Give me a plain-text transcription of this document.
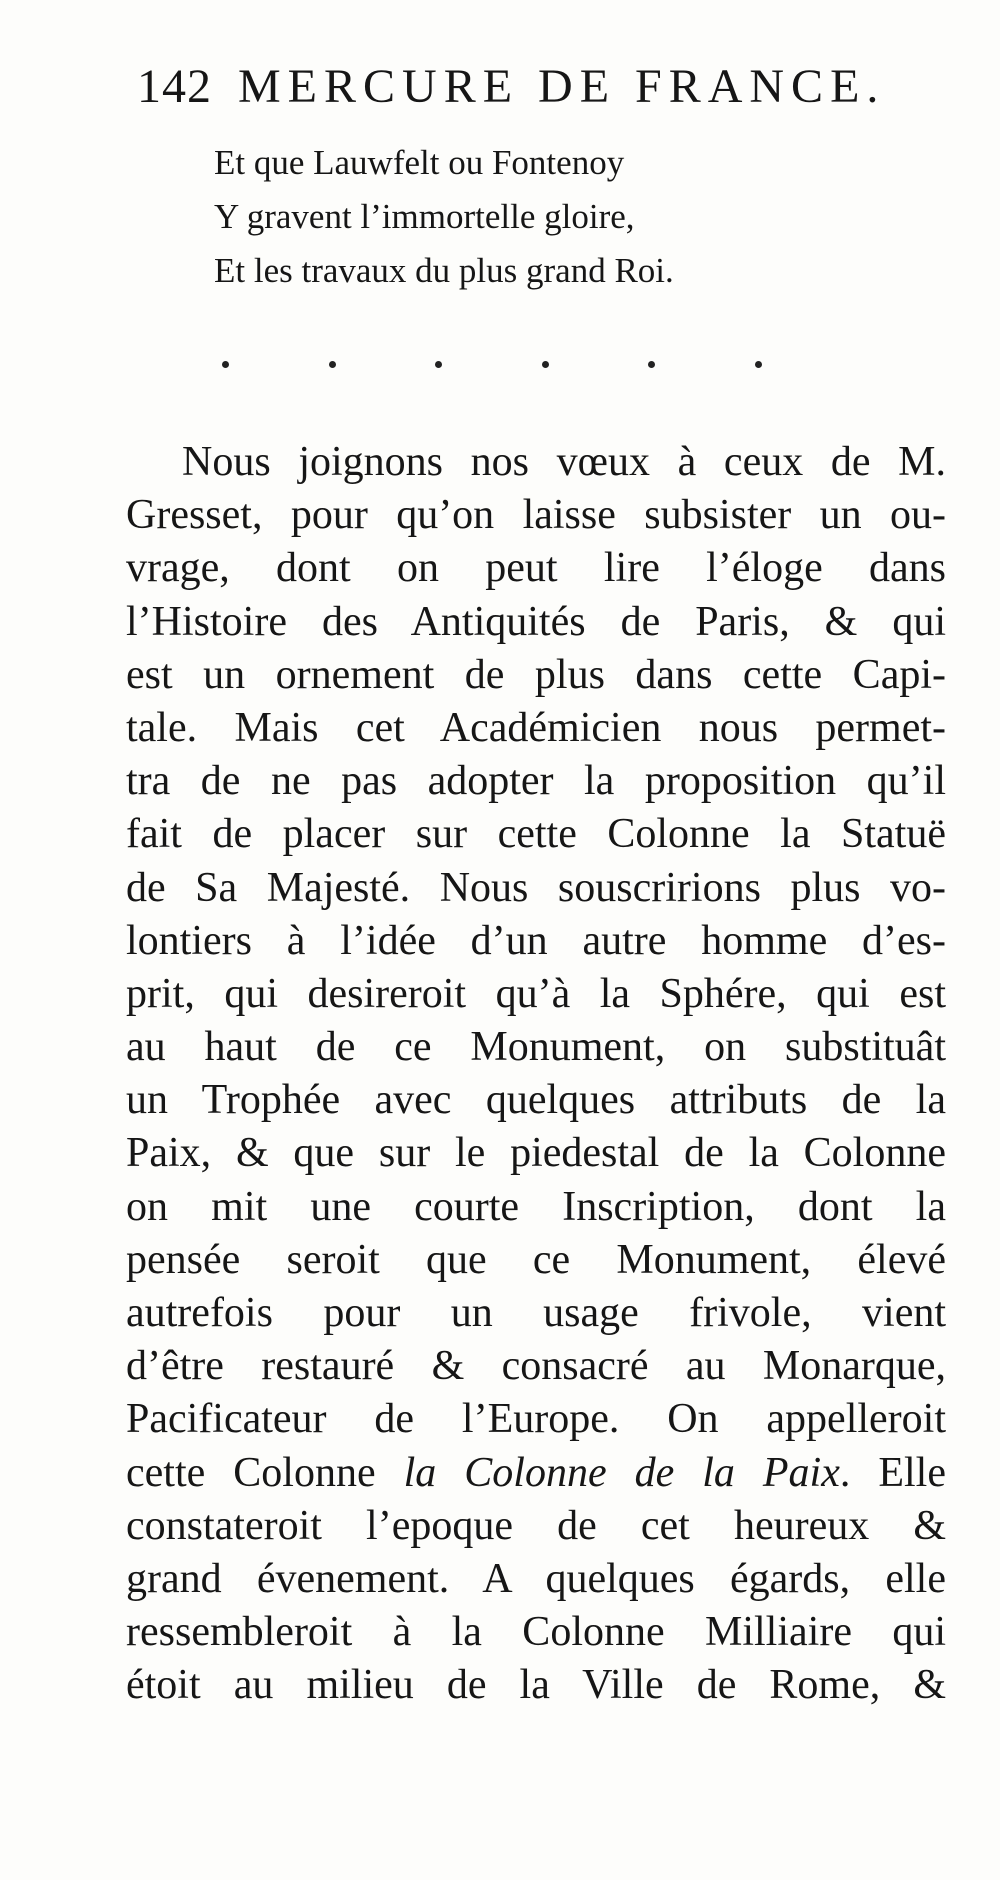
142 MERCURE DE FRANCE.
Et que Lauwfelt ou Fontenoy
Y gravent l’immortelle gloire,
Et les travaux du plus grand Roi.
Nous joignons nos vœux à ceux de M.
Gresset, pour qu’on laisse subsister un ou-
vrage, dont on peut lire l’éloge dans
l’Histoire des Antiquités de Paris, & qui
est un ornement de plus dans cette Capi-
tale. Mais cet Académicien nous permet-
tra de ne pas adopter la proposition qu’il
fait de placer sur cette Colonne la Statuë
de Sa Majesté. Nous souscririons plus vo-
lontiers à l’idée d’un autre homme d’es-
prit, qui desireroit qu’à la Sphére, qui est
au haut de ce Monument, on substituât
un Trophée avec quelques attributs de la
Paix, & que sur le piedestal de la Colonne
on mit une courte Inscription, dont la
pensée seroit que ce Monument, élevé
autrefois pour un usage frivole, vient
d’être restauré & consacré au Monarque,
Pacificateur de l’Europe. On appelleroit
cette Colonne la Colonne de la Paix. Elle
constateroit l’epoque de cet heureux &
grand évenement. A quelques égards, elle
ressembleroit à la Colonne Milliaire qui
étoit au milieu de la Ville de Rome, &
